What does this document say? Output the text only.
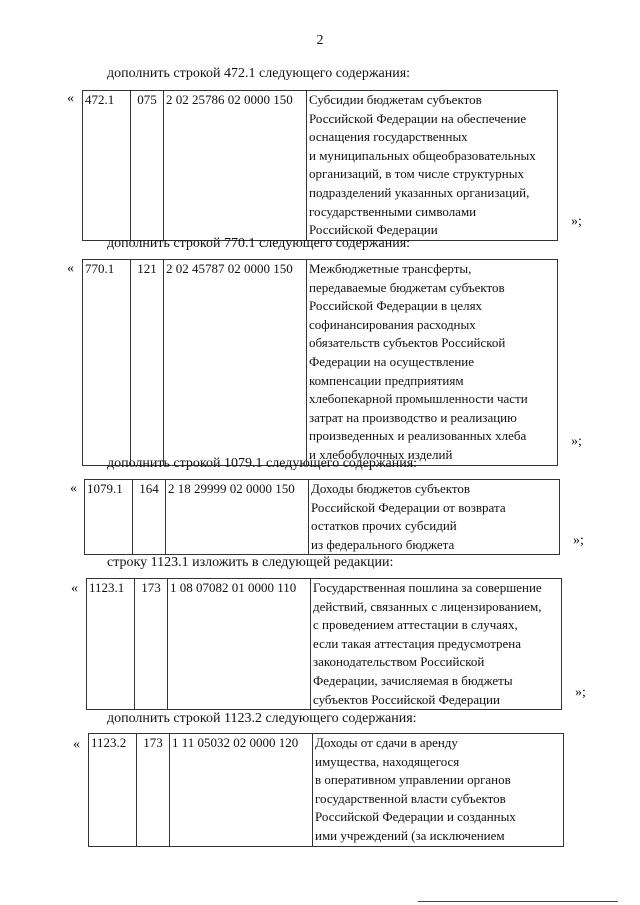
2
дополнить строкой 472.1 следующего содержания:
« 472.1	075	2 02 25786 02 0000 150	Субсидии бюджетам субъектов
Российской Федерации на обеспечение
оснащения государственных
и муниципальных общеобразовательных
организаций, в том числе структурных
подразделений указанных организаций,
государственными символами
Российской Федерации
»;
дополнить строкой 770.1 следующего содержания:
« 770.1	121	2 02 45787 02 0000 150	Межбюджетные трансферты,
передаваемые бюджетам субъектов
Российской Федерации в целях
софинансирования расходных
обязательств субъектов Российской
Федерации на осуществление
компенсации предприятиям
хлебопекарной промышленности части
затрат на производство и реализацию
произведенных и реализованных хлеба
и хлебобулочных изделий
»;
дополнить строкой 1079.1 следующего содержания:
« 1079.1	164	2 18 29999 02 0000 150	Доходы бюджетов субъектов
Российской Федерации от возврата
остатков прочих субсидий
из федерального бюджета	»;
строку 1123.1 изложить в следующей редакции:
« 1123.1	173	1 08 07082 01 0000 110	Государственная пошлина за совершение
действий, связанных с лицензированием,
с проведением аттестации в случаях,
если такая аттестация предусмотрена
законодательством Российской
Федерации, зачисляемая в бюджеты
субъектов Российской Федерации	»;
дополнить строкой 1123.2 следующего содержания:
« 1123.2	173	1 11 05032 02 0000 120	Доходы от сдачи в аренду
имущества, находящегося
в оперативном управлении органов
государственной власти субъектов
Российской Федерации и созданных
ими учреждений (за исключением
